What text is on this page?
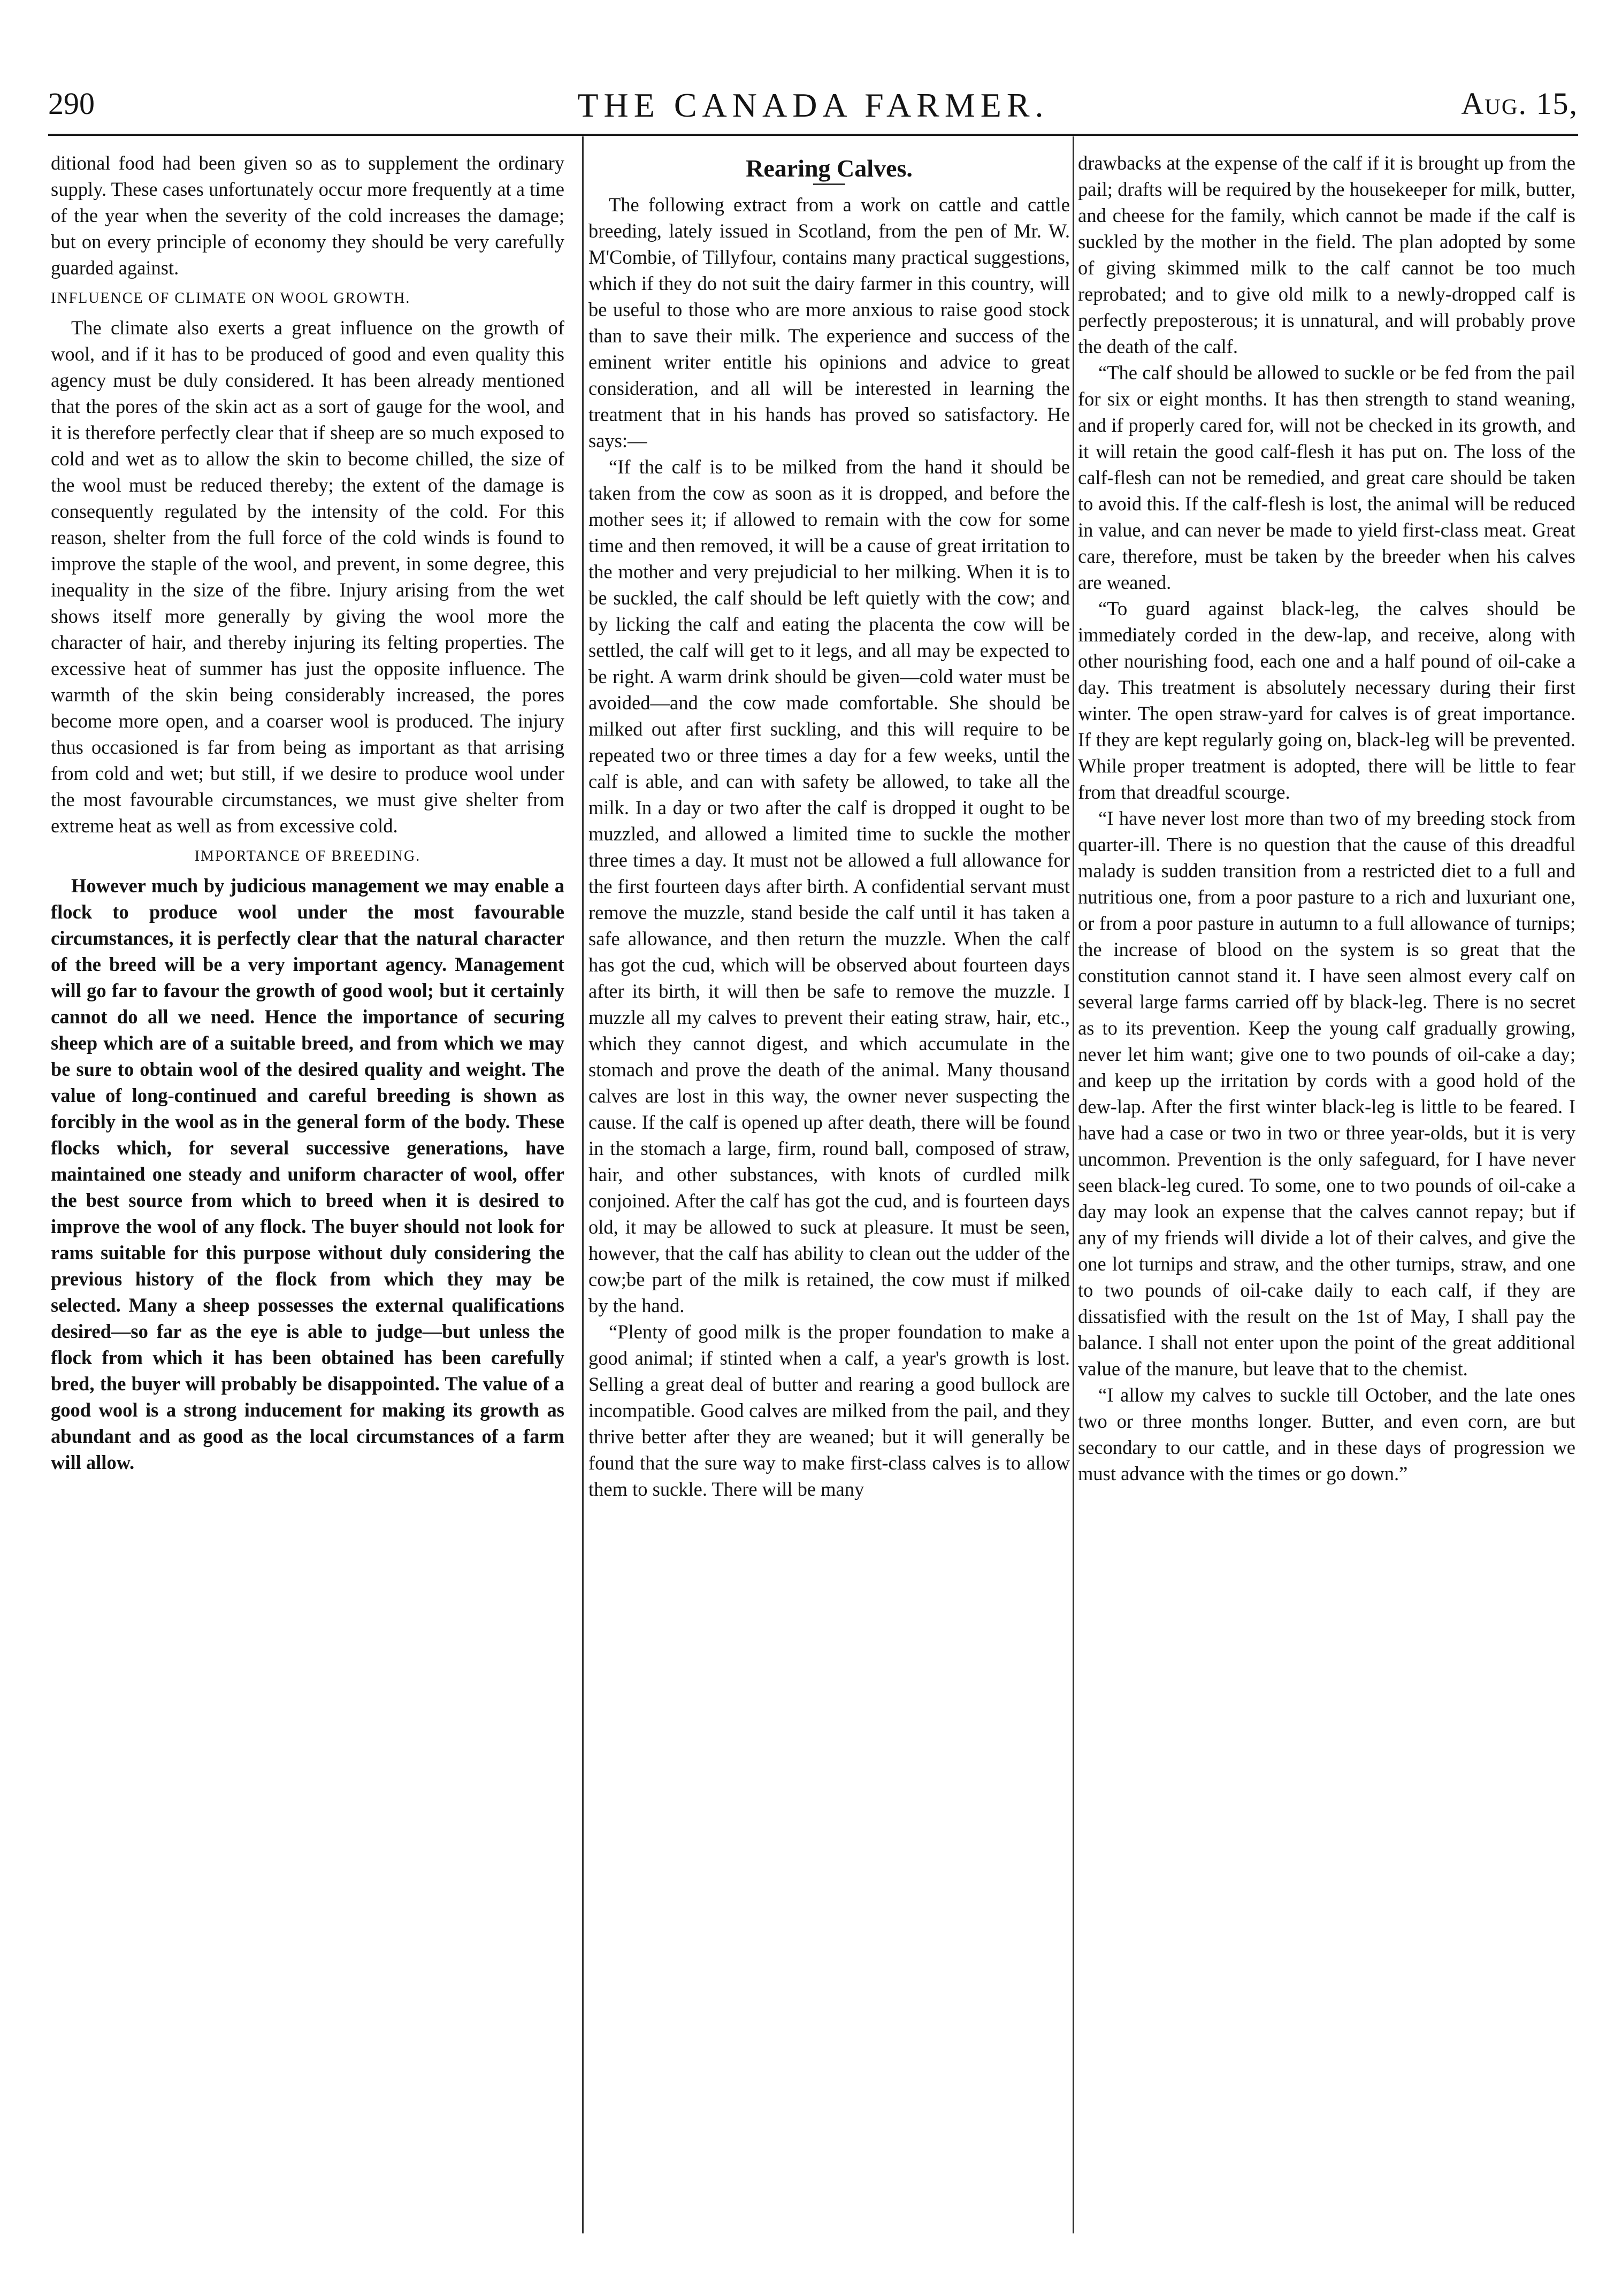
290	THE CANADA FARMER.	Aug. 15,

ditional food had been given so as to supplement the ordinary supply. These cases unfortunately occur more frequently at a time of the year when the severity of the cold increases the damage; but on every principle of economy they should be very carefully guarded against.

INFLUENCE OF CLIMATE ON WOOL GROWTH.

The climate also exerts a great influence on the growth of wool, and if it has to be produced of good and even quality this agency must be duly considered. It has been already mentioned that the pores of the skin act as a sort of gauge for the wool, and it is therefore perfectly clear that if sheep are so much exposed to cold and wet as to allow the skin to become chilled, the size of the wool must be reduced thereby; the extent of the damage is consequently regulated by the intensity of the cold. For this reason, shelter from the full force of the cold winds is found to improve the staple of the wool, and prevent, in some degree, this inequality in the size of the fibre. Injury arising from the wet shows itself more generally by giving the wool more the character of hair, and thereby injuring its felting properties. The excessive heat of summer has just the opposite influence. The warmth of the skin being considerably increased, the pores become more open, and a coarser wool is produced. The injury thus occasioned is far from being as important as that arrising from cold and wet; but still, if we desire to produce wool under the most favourable circumstances, we must give shelter from extreme heat as well as from excessive cold.

IMPORTANCE OF BREEDING.

However much by judicious management we may enable a flock to produce wool under the most favourable circumstances, it is perfectly clear that the natural character of the breed will be a very important agency. Management will go far to favour the growth of good wool; but it certainly cannot do all we need. Hence the importance of securing sheep which are of a suitable breed, and from which we may be sure to obtain wool of the desired quality and weight. The value of long-continued and careful breeding is shown as forcibly in the wool as in the general form of the body. These flocks which, for several successive generations, have maintained one steady and uniform character of wool, offer the best source from which to breed when it is desired to improve the wool of any flock. The buyer should not look for rams suitable for this purpose without duly considering the previous history of the flock from which they may be selected. Many a sheep possesses the external qualifications desired—so far as the eye is able to judge—but unless the flock from which it has been obtained has been carefully bred, the buyer will probably be disappointed. The value of a good wool is a strong inducement for making its growth as abundant and as good as the local circumstances of a farm will allow.

Rearing Calves.

The following extract from a work on cattle and cattle breeding, lately issued in Scotland, from the pen of Mr. W. M'Combie, of Tillyfour, contains many practical suggestions, which if they do not suit the dairy farmer in this country, will be useful to those who are more anxious to raise good stock than to save their milk. The experience and success of the eminent writer entitle his opinions and advice to great consideration, and all will be interested in learning the treatment that in his hands has proved so satisfactory. He says:—

“If the calf is to be milked from the hand it should be taken from the cow as soon as it is dropped, and before the mother sees it; if allowed to remain with the cow for some time and then removed, it will be a cause of great irritation to the mother and very prejudicial to her milking. When it is to be suckled, the calf should be left quietly with the cow; and by licking the calf and eating the placenta the cow will be settled, the calf will get to it legs, and all may be expected to be right. A warm drink should be given—cold water must be avoided—and the cow made comfortable. She should be milked out after first suckling, and this will require to be repeated two or three times a day for a few weeks, until the calf is able, and can with safety be allowed, to take all the milk. In a day or two after the calf is dropped it ought to be muzzled, and allowed a limited time to suckle the mother three times a day. It must not be allowed a full allowance for the first fourteen days after birth. A confidential servant must remove the muzzle, stand beside the calf until it has taken a safe allowance, and then return the muzzle. When the calf has got the cud, which will be observed about fourteen days after its birth, it will then be safe to remove the muzzle. I muzzle all my calves to prevent their eating straw, hair, etc., which they cannot digest, and which accumulate in the stomach and prove the death of the animal. Many thousand calves are lost in this way, the owner never suspecting the cause. If the calf is opened up after death, there will be found in the stomach a large, firm, round ball, composed of straw, hair, and other substances, with knots of curdled milk conjoined. After the calf has got the cud, and is fourteen days old, it may be allowed to suck at pleasure. It must be seen, however, that the calf has ability to clean out the udder of the cow;be part of the milk is retained, the cow must if milked by the hand.

“Plenty of good milk is the proper foundation to make a good animal; if stinted when a calf, a year's growth is lost. Selling a great deal of butter and rearing a good bullock are incompatible. Good calves are milked from the pail, and they thrive better after they are weaned; but it will generally be found that the sure way to make first-class calves is to allow them to suckle. There will be many

drawbacks at the expense of the calf if it is brought up from the pail; drafts will be required by the housekeeper for milk, butter, and cheese for the family, which cannot be made if the calf is suckled by the mother in the field. The plan adopted by some of giving skimmed milk to the calf cannot be too much reprobated; and to give old milk to a newly-dropped calf is perfectly preposterous; it is unnatural, and will probably prove the death of the calf.

“The calf should be allowed to suckle or be fed from the pail for six or eight months. It has then strength to stand weaning, and if properly cared for, will not be checked in its growth, and it will retain the good calf-flesh it has put on. The loss of the calf-flesh can not be remedied, and great care should be taken to avoid this. If the calf-flesh is lost, the animal will be reduced in value, and can never be made to yield first-class meat. Great care, therefore, must be taken by the breeder when his calves are weaned.

“To guard against black-leg, the calves should be immediately corded in the dew-lap, and receive, along with other nourishing food, each one and a half pound of oil-cake a day. This treatment is absolutely necessary during their first winter. The open straw-yard for calves is of great importance. If they are kept regularly going on, black-leg will be prevented. While proper treatment is adopted, there will be little to fear from that dreadful scourge.

“I have never lost more than two of my breeding stock from quarter-ill. There is no question that the cause of this dreadful malady is sudden transition from a restricted diet to a full and nutritious one, from a poor pasture to a rich and luxuriant one, or from a poor pasture in autumn to a full allowance of turnips; the increase of blood on the system is so great that the constitution cannot stand it. I have seen almost every calf on several large farms carried off by black-leg. There is no secret as to its prevention. Keep the young calf gradually growing, never let him want; give one to two pounds of oil-cake a day; and keep up the irritation by cords with a good hold of the dew-lap. After the first winter black-leg is little to be feared. I have had a case or two in two or three year-olds, but it is very uncommon. Prevention is the only safeguard, for I have never seen black-leg cured. To some, one to two pounds of oil-cake a day may look an expense that the calves cannot repay; but if any of my friends will divide a lot of their calves, and give the one lot turnips and straw, and the other turnips, straw, and one to two pounds of oil-cake daily to each calf, if they are dissatisfied with the result on the 1st of May, I shall pay the balance. I shall not enter upon the point of the great additional value of the manure, but leave that to the chemist.

“I allow my calves to suckle till October, and the late ones two or three months longer. Butter, and even corn, are but secondary to our cattle, and in these days of progression we must advance with the times or go down.”
